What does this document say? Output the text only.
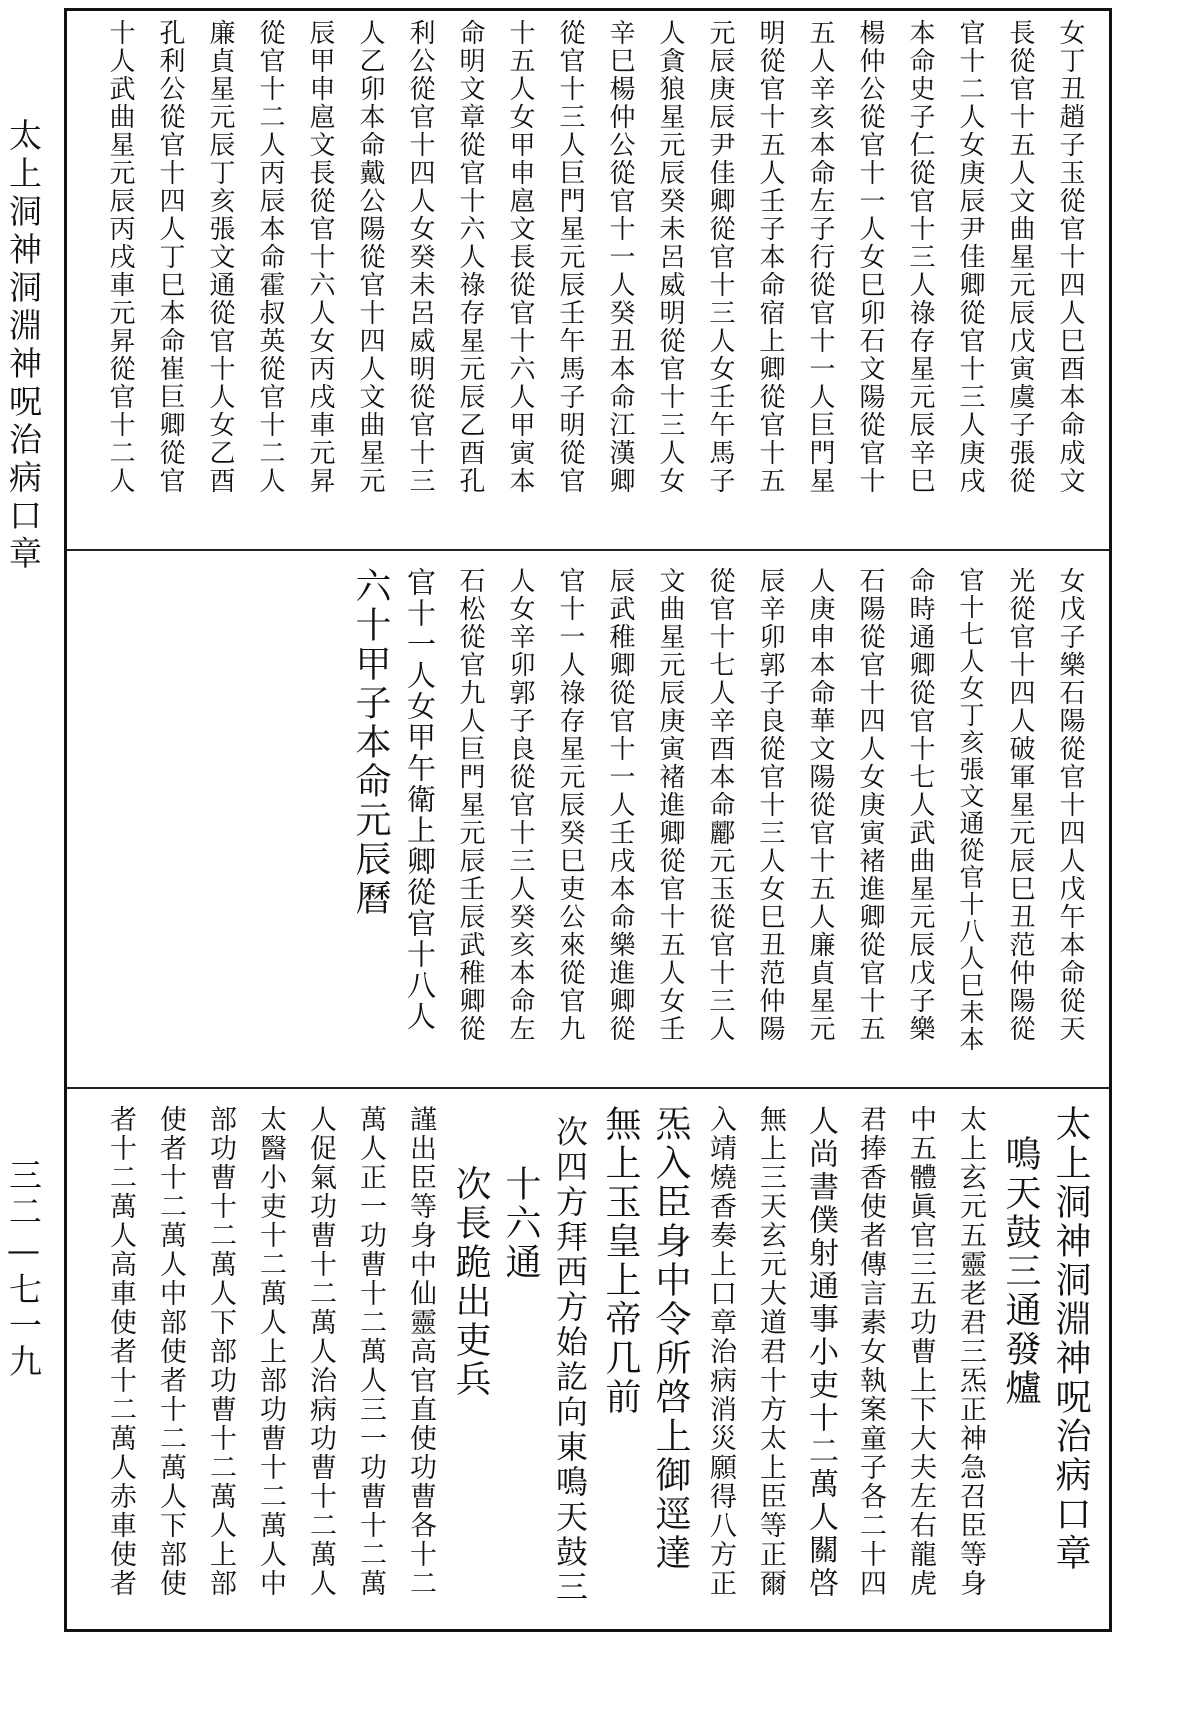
太上洞神洞淵神呪治病口章
三二—七一九
女丁丑趙子玉從官十四人巳酉本命成文
長從官十五人文曲星元辰戊寅虞子張從
官十二人女庚辰尹佳卿從官十三人庚戌
本命史子仁從官十三人祿存星元辰辛巳
楊仲公從官十一人女巳卯石文陽從官十
五人辛亥本命左子行從官十一人巨門星
明從官十五人壬子本命宿上卿從官十五
元辰庚辰尹佳卿從官十三人女壬午馬子
人貪狼星元辰癸未呂威明從官十三人女
辛巳楊仲公從官十一人癸丑本命江漢卿
從官十三人巨門星元辰壬午馬子明從官
十五人女甲申扈文長從官十六人甲寅本
命明文章從官十六人祿存星元辰乙酉孔
利公從官十四人女癸未呂威明從官十三
人乙卯本命戴公陽從官十四人文曲星元
辰甲申扈文長從官十六人女丙戌車元昇
從官十二人丙辰本命霍叔英從官十二人
廉貞星元辰丁亥張文通從官十人女乙酉
孔利公從官十四人丁巳本命崔巨卿從官
十人武曲星元辰丙戌車元昇從官十二人
女戊子樂石陽從官十四人戊午本命從天
光從官十四人破軍星元辰巳丑范仲陽從
官十七人女丁亥張文通從官十八人巳未本
命時通卿從官十七人武曲星元辰戊子樂
石陽從官十四人女庚寅褚進卿從官十五
人庚申本命華文陽從官十五人廉貞星元
辰辛卯郭子良從官十三人女巳丑范仲陽
從官十七人辛酉本命酈元玉從官十三人
文曲星元辰庚寅褚進卿從官十五人女壬
辰武稚卿從官十一人壬戌本命樂進卿從
官十一人祿存星元辰癸巳吏公來從官九
人女辛卯郭子良從官十三人癸亥本命左
石松從官九人巨門星元辰壬辰武稚卿從
官十一人女甲午衛上卿從官十八人
六十甲子本命元辰曆
太上洞神洞淵神呪治病口章
鳴天鼓三通發爐
太上玄元五靈老君三炁正神急召臣等身
中五體眞官三五功曹上下大夫左右龍虎
君捧香使者傳言素女執案童子各二十四
人尚書僕射通事小吏十二萬人關啓
無上三天玄元大道君十方太上臣等正爾
入靖燒香奏上口章治病消災願得八方正
炁入臣身中令所啓上御逕達
無上玉皇上帝几前
次四方拜西方始訖向東鳴天鼓三
十六通
次長跪出吏兵
謹出臣等身中仙靈高官直使功曹各十二
萬人正一功曹十二萬人三一功曹十二萬
人促氣功曹十二萬人治病功曹十二萬人
太醫小吏十二萬人上部功曹十二萬人中
部功曹十二萬人下部功曹十二萬人上部
使者十二萬人中部使者十二萬人下部使
者十二萬人高車使者十二萬人赤車使者
